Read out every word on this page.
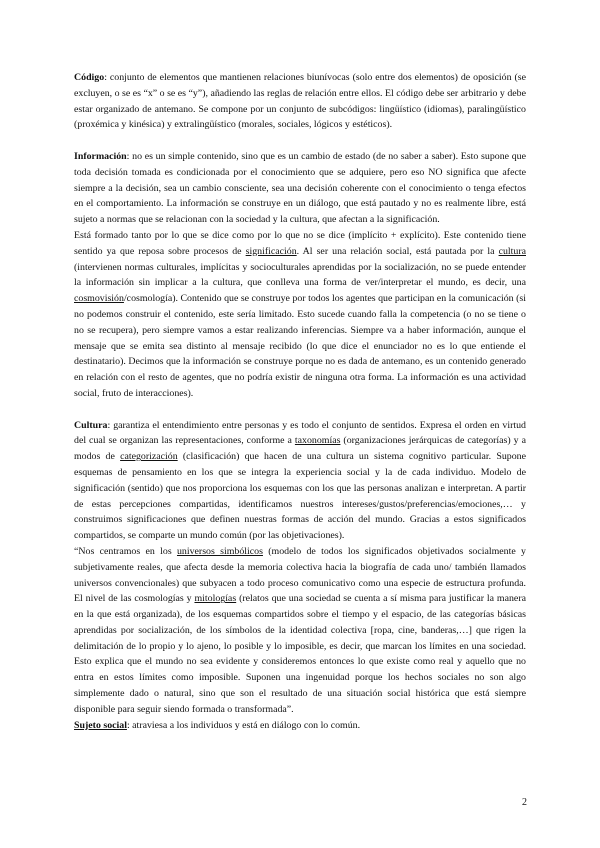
Código: conjunto de elementos que mantienen relaciones biunívocas (solo entre dos elementos) de oposición (se excluyen, o se es “x” o se es “y”), añadiendo las reglas de relación entre ellos. El código debe ser arbitrario y debe estar organizado de antemano. Se compone por un conjunto de subcódigos: lingüístico (idiomas), paralingüístico (proxémica y kinésica) y extralingüístico (morales, sociales, lógicos y estéticos).

Información: no es un simple contenido, sino que es un cambio de estado (de no saber a saber). Esto supone que toda decisión tomada es condicionada por el conocimiento que se adquiere, pero eso NO significa que afecte siempre a la decisión, sea un cambio consciente, sea una decisión coherente con el conocimiento o tenga efectos en el comportamiento. La información se construye en un diálogo, que está pautado y no es realmente libre, está sujeto a normas que se relacionan con la sociedad y la cultura, que afectan a la significación.

Está formado tanto por lo que se dice como por lo que no se dice (implícito + explícito). Este contenido tiene sentido ya que reposa sobre procesos de significación. Al ser una relación social, está pautada por la cultura (intervienen normas culturales, implícitas y socioculturales aprendidas por la socialización, no se puede entender la información sin implicar a la cultura, que conlleva una forma de ver/interpretar el mundo, es decir, una cosmovisión/cosmología). Contenido que se construye por todos los agentes que participan en la comunicación (si no podemos construir el contenido, este sería limitado. Esto sucede cuando falla la competencia (o no se tiene o no se recupera), pero siempre vamos a estar realizando inferencias. Siempre va a haber información, aunque el mensaje que se emita sea distinto al mensaje recibido (lo que dice el enunciador no es lo que entiende el destinatario). Decimos que la información se construye porque no es dada de antemano, es un contenido generado en relación con el resto de agentes, que no podría existir de ninguna otra forma. La información es una actividad social, fruto de interacciones).

Cultura: garantiza el entendimiento entre personas y es todo el conjunto de sentidos. Expresa el orden en virtud del cual se organizan las representaciones, conforme a taxonomías (organizaciones jerárquicas de categorías) y a modos de categorización (clasificación) que hacen de una cultura un sistema cognitivo particular. Supone esquemas de pensamiento en los que se integra la experiencia social y la de cada individuo. Modelo de significación (sentido) que nos proporciona los esquemas con los que las personas analizan e interpretan. A partir de estas percepciones compartidas, identificamos nuestros intereses/gustos/preferencias/emociones,… y construimos significaciones que definen nuestras formas de acción del mundo. Gracias a estos significados compartidos, se comparte un mundo común (por las objetivaciones).

“Nos centramos en los universos simbólicos (modelo de todos los significados objetivados socialmente y subjetivamente reales, que afecta desde la memoria colectiva hacia la biografía de cada uno/ también llamados universos convencionales) que subyacen a todo proceso comunicativo como una especie de estructura profunda. El nivel de las cosmologías y mitologías (relatos que una sociedad se cuenta a sí misma para justificar la manera en la que está organizada), de los esquemas compartidos sobre el tiempo y el espacio, de las categorías básicas aprendidas por socialización, de los símbolos de la identidad colectiva [ropa, cine, banderas,…] que rigen la delimitación de lo propio y lo ajeno, lo posible y lo imposible, es decir, que marcan los límites en una sociedad. Esto explica que el mundo no sea evidente y consideremos entonces lo que existe como real y aquello que no entra en estos límites como imposible. Suponen una ingenuidad porque los hechos sociales no son algo simplemente dado o natural, sino que son el resultado de una situación social histórica que está siempre disponible para seguir siendo formada o transformada”.

Sujeto social: atraviesa a los individuos y está en diálogo con lo común.

2
